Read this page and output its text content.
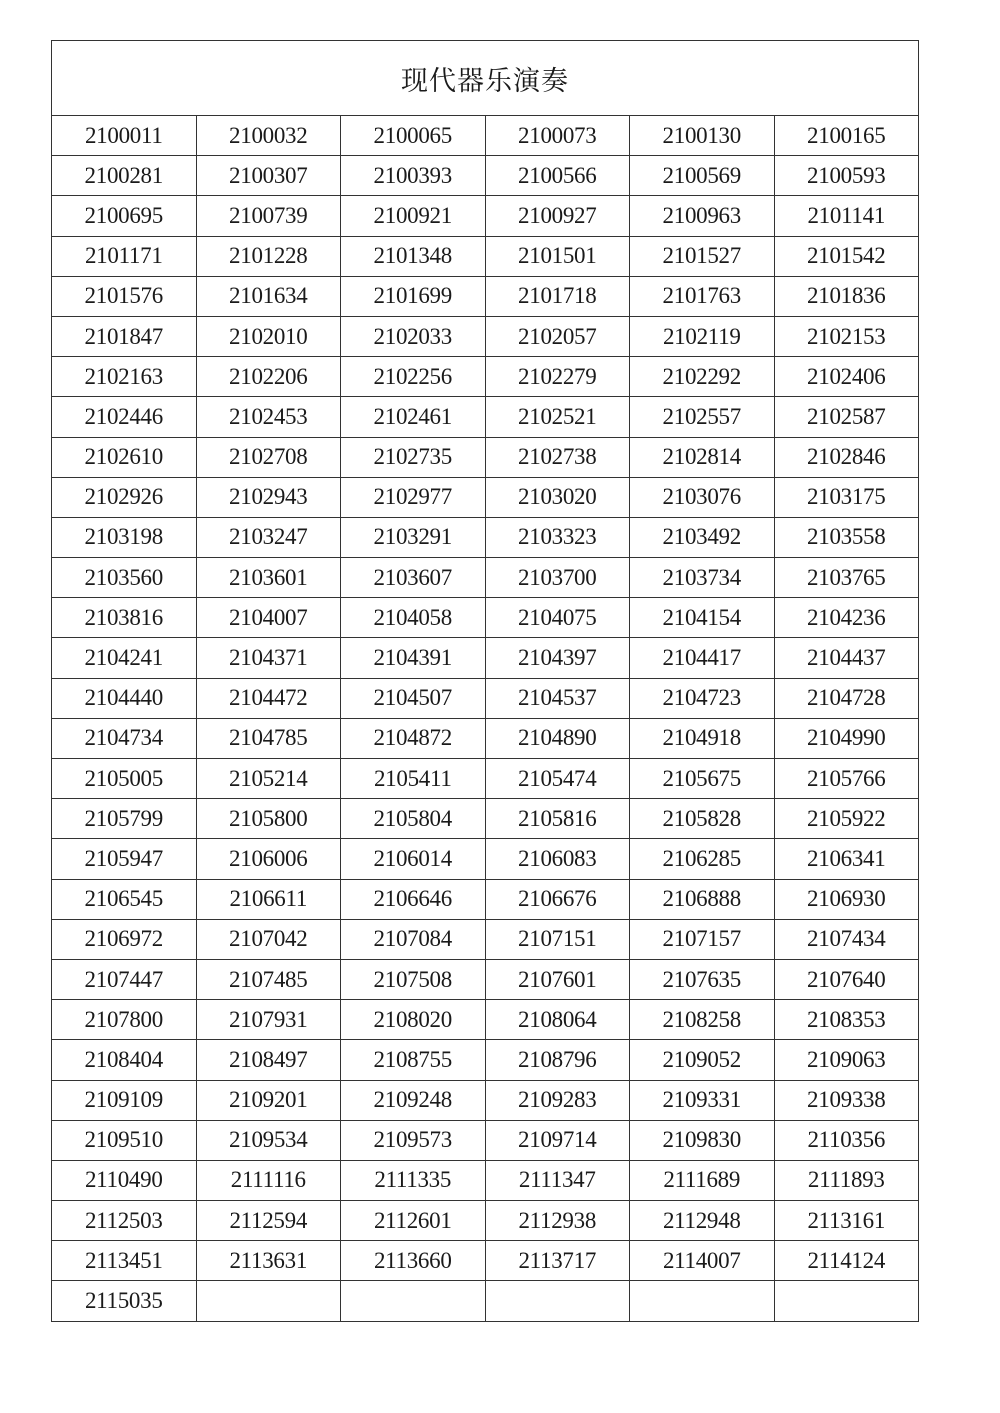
现代器乐演奏					
2100011	2100032	2100065	2100073	2100130	2100165
2100281	2100307	2100393	2100566	2100569	2100593
2100695	2100739	2100921	2100927	2100963	2101141
2101171	2101228	2101348	2101501	2101527	2101542
2101576	2101634	2101699	2101718	2101763	2101836
2101847	2102010	2102033	2102057	2102119	2102153
2102163	2102206	2102256	2102279	2102292	2102406
2102446	2102453	2102461	2102521	2102557	2102587
2102610	2102708	2102735	2102738	2102814	2102846
2102926	2102943	2102977	2103020	2103076	2103175
2103198	2103247	2103291	2103323	2103492	2103558
2103560	2103601	2103607	2103700	2103734	2103765
2103816	2104007	2104058	2104075	2104154	2104236
2104241	2104371	2104391	2104397	2104417	2104437
2104440	2104472	2104507	2104537	2104723	2104728
2104734	2104785	2104872	2104890	2104918	2104990
2105005	2105214	2105411	2105474	2105675	2105766
2105799	2105800	2105804	2105816	2105828	2105922
2105947	2106006	2106014	2106083	2106285	2106341
2106545	2106611	2106646	2106676	2106888	2106930
2106972	2107042	2107084	2107151	2107157	2107434
2107447	2107485	2107508	2107601	2107635	2107640
2107800	2107931	2108020	2108064	2108258	2108353
2108404	2108497	2108755	2108796	2109052	2109063
2109109	2109201	2109248	2109283	2109331	2109338
2109510	2109534	2109573	2109714	2109830	2110356
2110490	2111116	2111335	2111347	2111689	2111893
2112503	2112594	2112601	2112938	2112948	2113161
2113451	2113631	2113660	2113717	2114007	2114124
2115035					
